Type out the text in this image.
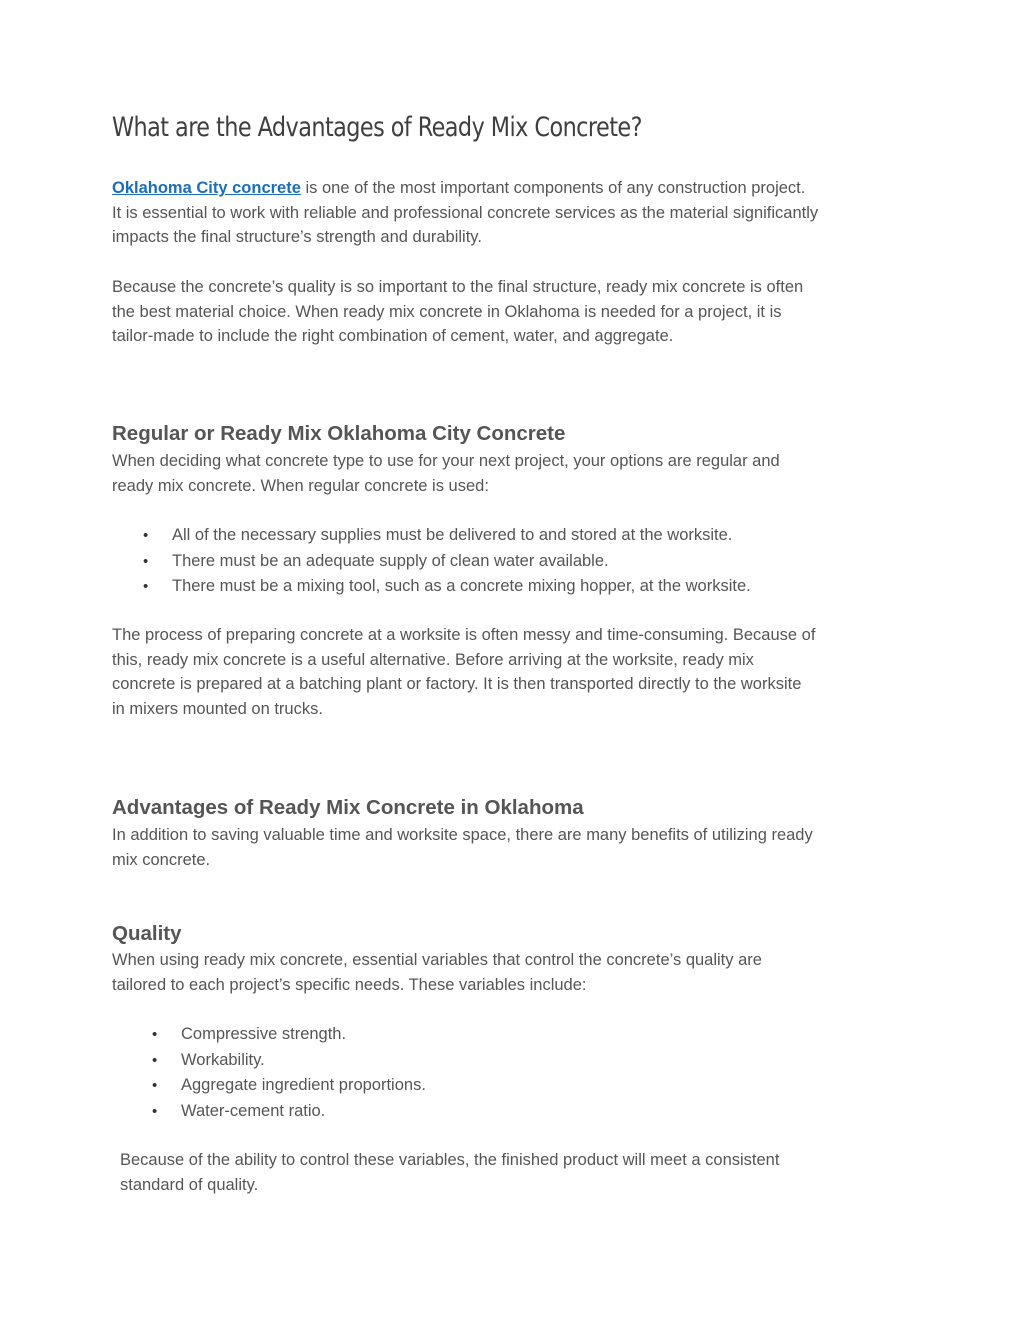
What are the Advantages of Ready Mix Concrete?
Oklahoma City concrete is one of the most important components of any construction project.
It is essential to work with reliable and professional concrete services as the material significantly
impacts the final structure’s strength and durability.
Because the concrete’s quality is so important to the final structure, ready mix concrete is often
the best material choice. When ready mix concrete in Oklahoma is needed for a project, it is
tailor-made to include the right combination of cement, water, and aggregate.
Regular or Ready Mix Oklahoma City Concrete
When deciding what concrete type to use for your next project, your options are regular and
ready mix concrete. When regular concrete is used:
• All of the necessary supplies must be delivered to and stored at the worksite.
• There must be an adequate supply of clean water available.
• There must be a mixing tool, such as a concrete mixing hopper, at the worksite.
The process of preparing concrete at a worksite is often messy and time-consuming. Because of
this, ready mix concrete is a useful alternative. Before arriving at the worksite, ready mix
concrete is prepared at a batching plant or factory. It is then transported directly to the worksite
in mixers mounted on trucks.
Advantages of Ready Mix Concrete in Oklahoma
In addition to saving valuable time and worksite space, there are many benefits of utilizing ready
mix concrete.
Quality
When using ready mix concrete, essential variables that control the concrete’s quality are
tailored to each project’s specific needs. These variables include:
• Compressive strength.
• Workability.
• Aggregate ingredient proportions.
• Water-cement ratio.
Because of the ability to control these variables, the finished product will meet a consistent
standard of quality.
